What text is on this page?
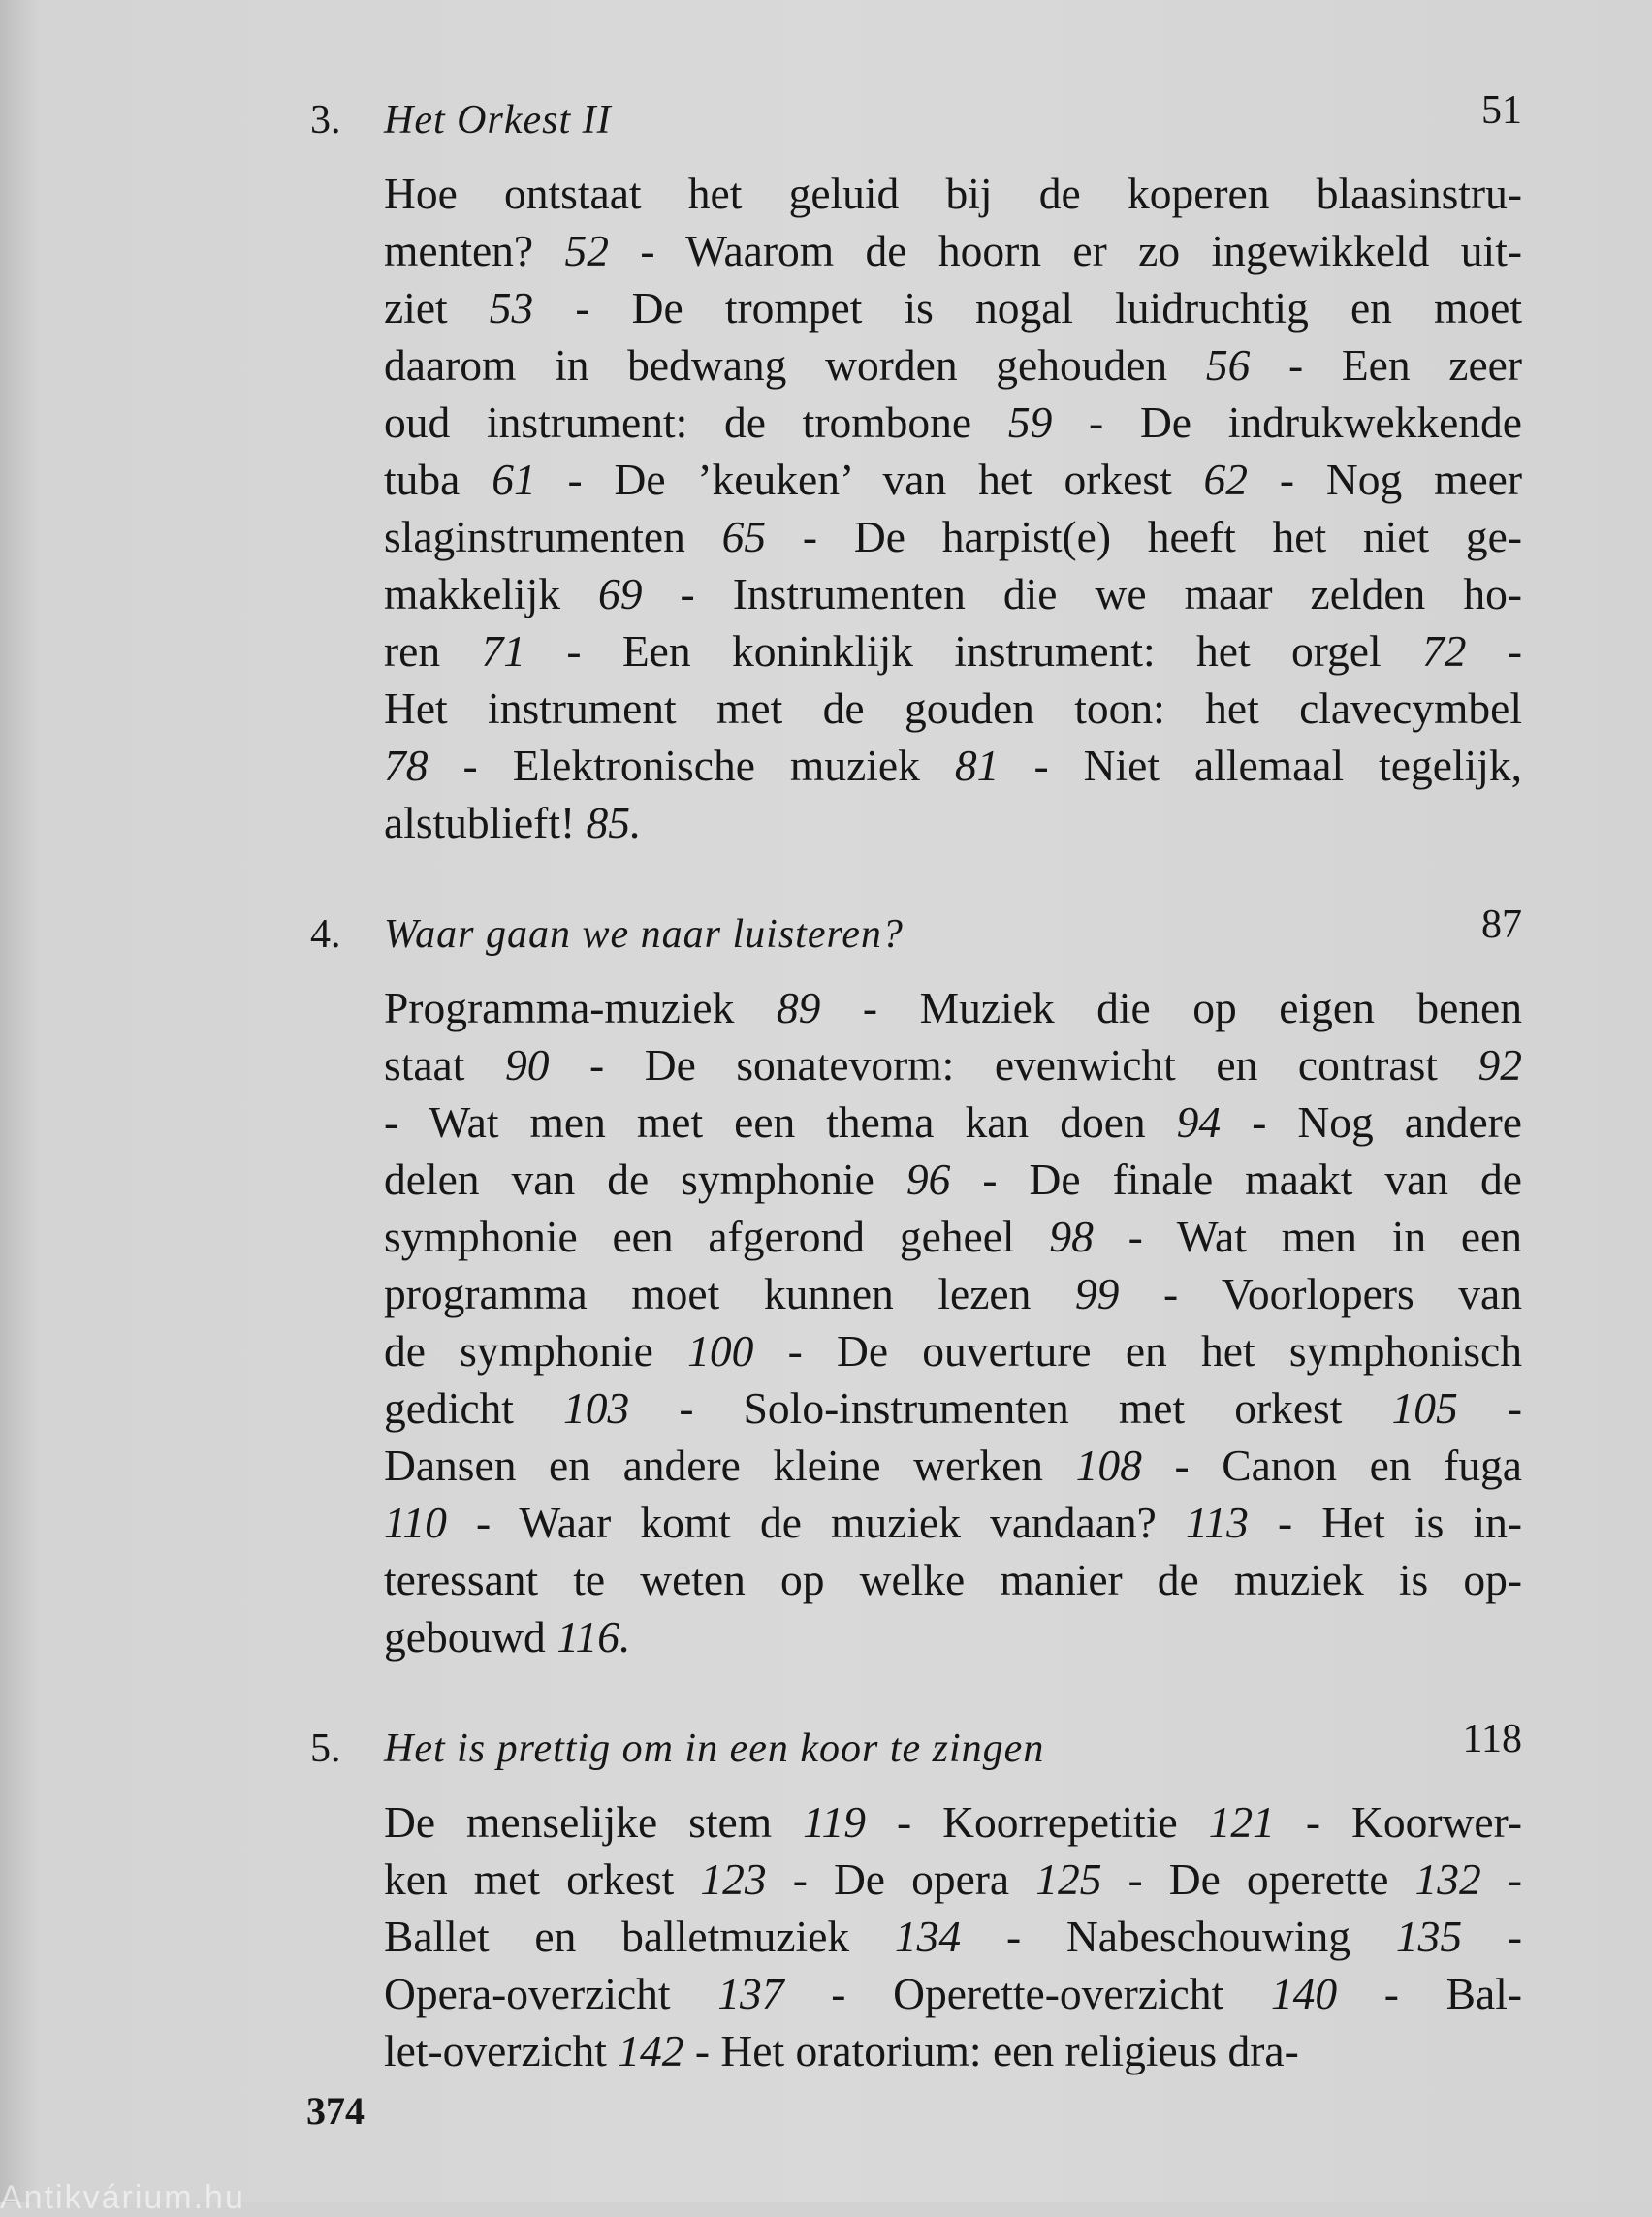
3. Het Orkest II	51

Hoe ontstaat het geluid bij de koperen blaasinstru-

menten? 52 - Waarom de hoorn er zo ingewikkeld uit-

ziet 53 - De trompet is nogal luidruchtig en moet

daarom in bedwang worden gehouden 56 - Een zeer

oud instrument: de trombone 59 - De indrukwekkende

tuba 61 - De ’keuken’ van het orkest 62 - Nog meer

slaginstrumenten 65 - De harpist(e) heeft het niet ge-

makkelijk 69 - Instrumenten die we maar zelden ho-

ren 71 - Een koninklijk instrument: het orgel 72 -

Het instrument met de gouden toon: het clavecymbel

78 - Elektronische muziek 81 - Niet allemaal tegelijk,

alstublieft! 85.

4. Waar gaan we naar luisteren?	87

Programma-muziek 89 - Muziek die op eigen benen

staat 90 - De sonatevorm: evenwicht en contrast 92

- Wat men met een thema kan doen 94 - Nog andere

delen van de symphonie 96 - De finale maakt van de

symphonie een afgerond geheel 98 - Wat men in een

programma moet kunnen lezen 99 - Voorlopers van

de symphonie 100 - De ouverture en het symphonisch

gedicht 103 - Solo-instrumenten met orkest 105 -

Dansen en andere kleine werken 108 - Canon en fuga

110 - Waar komt de muziek vandaan? 113 - Het is in-

teressant te weten op welke manier de muziek is op-

gebouwd 116.

5. Het is prettig om in een koor te zingen	118

De menselijke stem 119 - Koorrepetitie 121 - Koorwer-

ken met orkest 123 - De opera 125 - De operette 132 -

Ballet en balletmuziek 134 - Nabeschouwing 135 -

Opera-overzicht 137 - Operette-overzicht 140 - Bal-

let-overzicht 142 - Het oratorium: een religieus dra-

374
Antikvárium.hu
